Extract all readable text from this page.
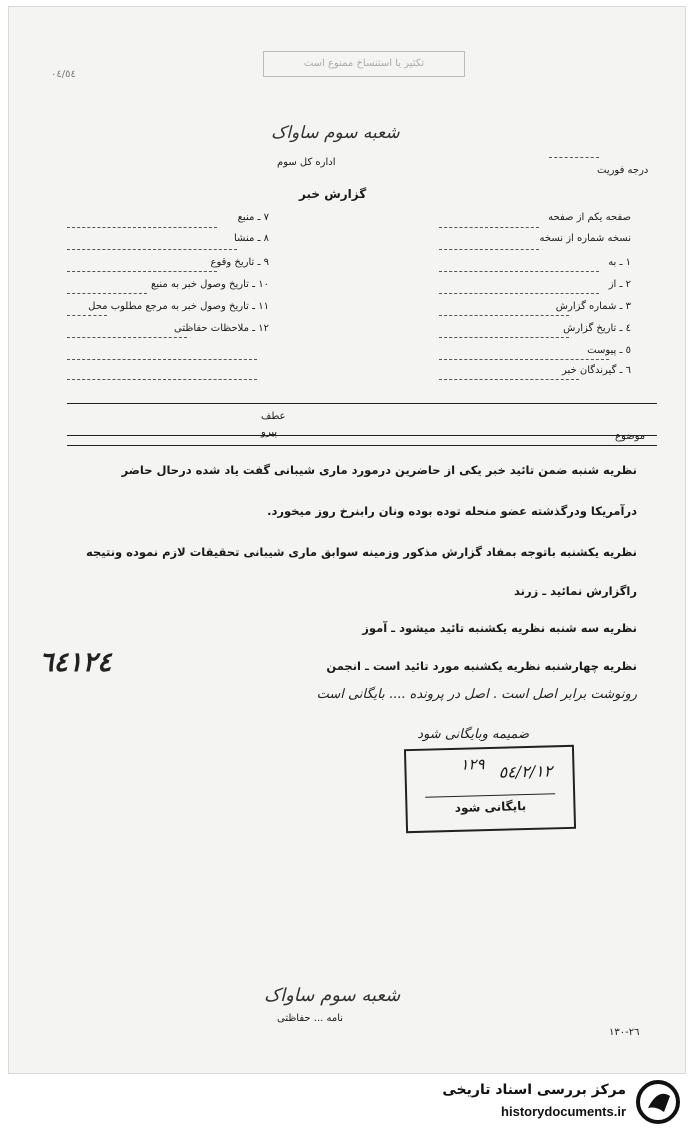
٠٤/٥٤
تکثیر یا استنساخ ممنوع است
شعبه سوم ساواک
اداره کل سوم
درجه فوریت
گزارش خبر
صفحه یکم از صفحه
نسخه شماره از نسخه
١ ـ به
٢ ـ از
٣ ـ شماره گزارش
٤ ـ تاریخ گزارش
٥ ـ پیوست
٦ ـ گیرندگان خبر
٧ ـ منبع
٨ ـ منشا
٩ ـ تاریخ وقوع
١٠ ـ تاریخ وصول خبر به منبع
١١ ـ تاریخ وصول خبر به مرجع مطلوب محل
١٢ ـ ملاحظات حفاظتی
عطف
پیرو	موضوع
نظریه شنبه ضمن تائید خبر یکی از حاضرین درمورد ماری شیبانی گفت یاد شده درحال حاضر
درآمریکا ودرگذشته عضو منحله توده بوده ونان رابنرخ روز میخورد.
نظریه یکشنبه باتوجه بمفاد گزارش مذکور وزمینه سوابق ماری شیبانی تحقیقات لازم نموده ونتیجه
راگزارش نمائید ـ زرند
نظریه سه شنبه نظریه یکشنبه تائید میشود ـ آموز
نظریه چهارشنبه نظریه یکشنبه مورد تائید است ـ انجمن
٦٤١٢٤
رونوشت برابر اصل است . اصل در پرونده .... بایگانی است
ضمیمه وبایگانی شود
١٢٩ ٥٤/٢/١٢
بایگانی شود
شعبه سوم ساواک
نامه ... حفاظتی
٢٦-١٣٠
مرکز بررسی اسناد تاریخی
historydocuments.ir
